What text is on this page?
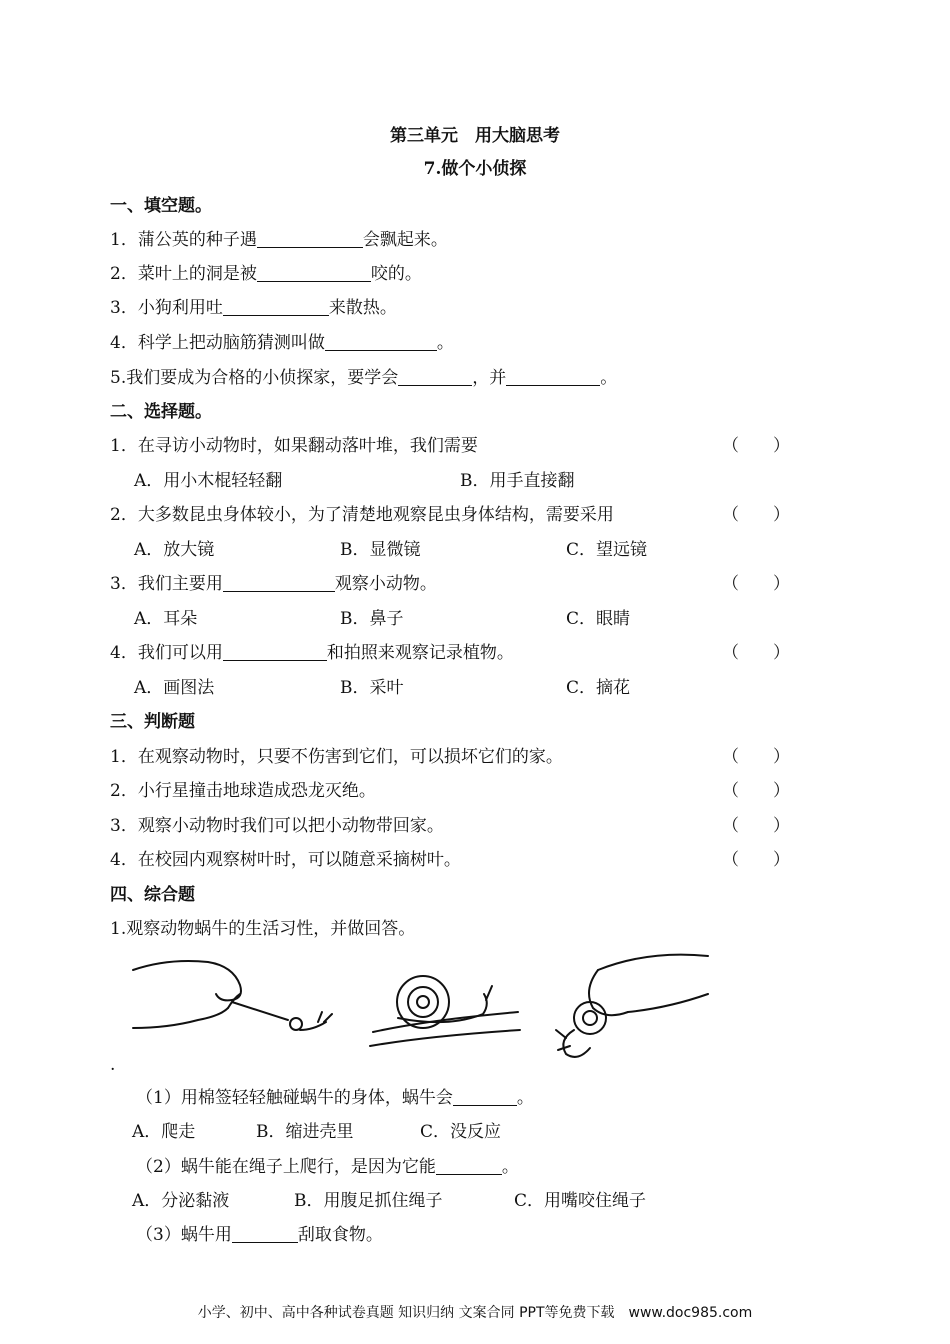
第三单元　用大脑思考
7.做个小侦探
一、填空题。
1．蒲公英的种子遇	会飘起来。
2．菜叶上的洞是被	咬的。
3．小狗利用吐	来散热。
4．科学上把动脑筋猜测叫做	。
5.我们要成为合格的小侦探家，要学会	，并	。
二、选择题。
1．在寻访小动物时，如果翻动落叶堆，我们需要	（　　）
A．用小木棍轻轻翻	B．用手直接翻
2．大多数昆虫身体较小，为了清楚地观察昆虫身体结构，需要采用	（　　）
A．放大镜	B．显微镜	C．望远镜
3．我们主要用	观察小动物。	（　　）
A．耳朵	B．鼻子	C．眼睛
4．我们可以用	和拍照来观察记录植物。	（　　）
A．画图法	B．采叶	C．摘花
三、判断题
1．在观察动物时，只要不伤害到它们，可以损坏它们的家。	（　　）
2．小行星撞击地球造成恐龙灭绝。	（　　）
3．观察小动物时我们可以把小动物带回家。	（　　）
4．在校园内观察树叶时，可以随意采摘树叶。	（　　）
四、综合题
1.观察动物蜗牛的生活习性，并做回答。
.
（1）用棉签轻轻触碰蜗牛的身体，蜗牛会	。
A．爬走	B．缩进壳里	C．没反应
（2）蜗牛能在绳子上爬行，是因为它能	。
A．分泌黏液	B．用腹足抓住绳子	C．用嘴咬住绳子
（3）蜗牛用	刮取食物。
小学、初中、高中各种试卷真题 知识归纳 文案合同 PPT等免费下载　www.doc985.com
